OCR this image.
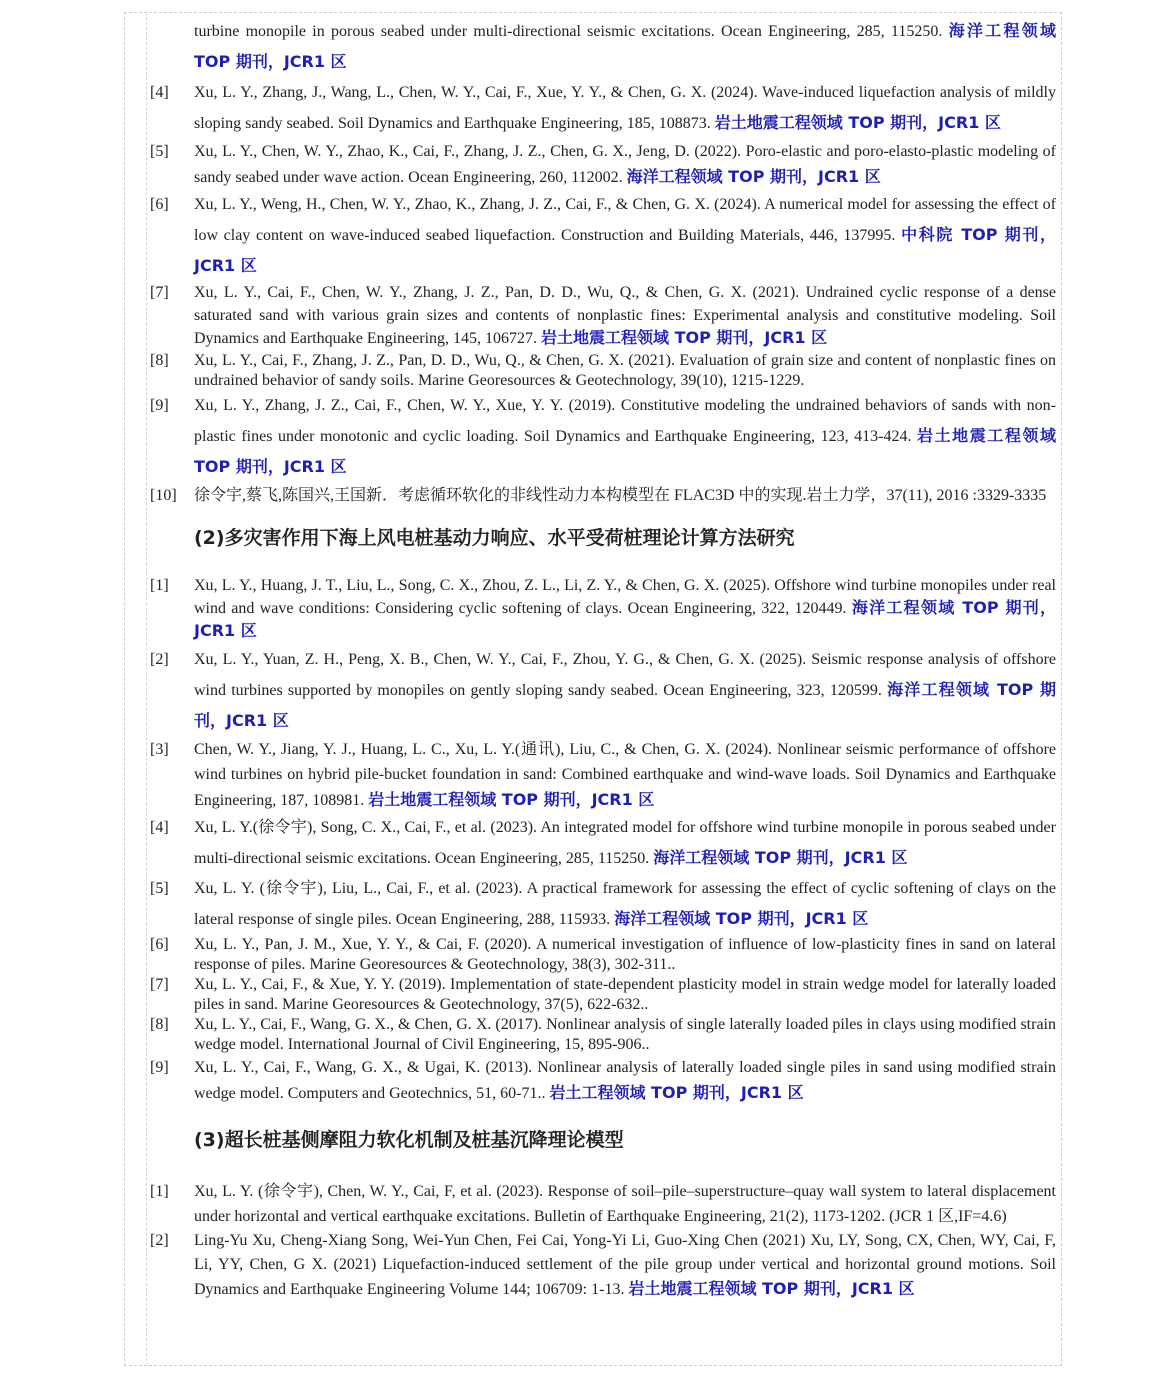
turbine monopile in porous seabed under multi-directional seismic excitations. Ocean Engineering, 285, 115250. 海洋工程领域 TOP 期刊，JCR1 区
[4]	Xu, L. Y., Zhang, J., Wang, L., Chen, W. Y., Cai, F., Xue, Y. Y., & Chen, G. X. (2024). Wave-induced liquefaction analysis of mildly sloping sandy seabed. Soil Dynamics and Earthquake Engineering, 185, 108873. 岩土地震工程领域 TOP 期刊，JCR1 区
[5]	Xu, L. Y., Chen, W. Y., Zhao, K., Cai, F., Zhang, J. Z., Chen, G. X., Jeng, D. (2022). Poro-elastic and poro-elasto-plastic modeling of sandy seabed under wave action. Ocean Engineering, 260, 112002. 海洋工程领域 TOP 期刊，JCR1 区
[6]	Xu, L. Y., Weng, H., Chen, W. Y., Zhao, K., Zhang, J. Z., Cai, F., & Chen, G. X. (2024). A numerical model for assessing the effect of low clay content on wave-induced seabed liquefaction. Construction and Building Materials, 446, 137995. 中科院 TOP 期刊，JCR1 区
[7]	Xu, L. Y., Cai, F., Chen, W. Y., Zhang, J. Z., Pan, D. D., Wu, Q., & Chen, G. X. (2021). Undrained cyclic response of a dense saturated sand with various grain sizes and contents of nonplastic fines: Experimental analysis and constitutive modeling. Soil Dynamics and Earthquake Engineering, 145, 106727. 岩土地震工程领域 TOP 期刊，JCR1 区
[8]	Xu, L. Y., Cai, F., Zhang, J. Z., Pan, D. D., Wu, Q., & Chen, G. X. (2021). Evaluation of grain size and content of nonplastic fines on undrained behavior of sandy soils. Marine Georesources & Geotechnology, 39(10), 1215-1229.
[9]	Xu, L. Y., Zhang, J. Z., Cai, F., Chen, W. Y., Xue, Y. Y. (2019). Constitutive modeling the undrained behaviors of sands with non-plastic fines under monotonic and cyclic loading. Soil Dynamics and Earthquake Engineering, 123, 413-424. 岩土地震工程领域 TOP 期刊，JCR1 区
[10]	徐令宇,蔡飞,陈国兴,王国新．考虑循环软化的非线性动力本构模型在 FLAC3D 中的实现.岩土力学，37(11), 2016 :3329-3335
(2)多灾害作用下海上风电桩基动力响应、水平受荷桩理论计算方法研究
[1]	Xu, L. Y., Huang, J. T., Liu, L., Song, C. X., Zhou, Z. L., Li, Z. Y., & Chen, G. X. (2025). Offshore wind turbine monopiles under real wind and wave conditions: Considering cyclic softening of clays. Ocean Engineering, 322, 120449. 海洋工程领域 TOP 期刊，JCR1 区
[2]	Xu, L. Y., Yuan, Z. H., Peng, X. B., Chen, W. Y., Cai, F., Zhou, Y. G., & Chen, G. X. (2025). Seismic response analysis of offshore wind turbines supported by monopiles on gently sloping sandy seabed. Ocean Engineering, 323, 120599. 海洋工程领域 TOP 期刊，JCR1 区
[3]	Chen, W. Y., Jiang, Y. J., Huang, L. C., Xu, L. Y.(通讯), Liu, C., & Chen, G. X. (2024). Nonlinear seismic performance of offshore wind turbines on hybrid pile-bucket foundation in sand: Combined earthquake and wind-wave loads. Soil Dynamics and Earthquake Engineering, 187, 108981. 岩土地震工程领域 TOP 期刊，JCR1 区
[4]	Xu, L. Y.(徐令宇), Song, C. X., Cai, F., et al. (2023). An integrated model for offshore wind turbine monopile in porous seabed under multi-directional seismic excitations. Ocean Engineering, 285, 115250. 海洋工程领域 TOP 期刊，JCR1 区
[5]	Xu, L. Y. (徐令宇), Liu, L., Cai, F., et al. (2023). A practical framework for assessing the effect of cyclic softening of clays on the lateral response of single piles. Ocean Engineering, 288, 115933. 海洋工程领域 TOP 期刊，JCR1 区
[6]	Xu, L. Y., Pan, J. M., Xue, Y. Y., & Cai, F. (2020). A numerical investigation of influence of low-plasticity fines in sand on lateral response of piles. Marine Georesources & Geotechnology, 38(3), 302-311..
[7]	Xu, L. Y., Cai, F., & Xue, Y. Y. (2019). Implementation of state-dependent plasticity model in strain wedge model for laterally loaded piles in sand. Marine Georesources & Geotechnology, 37(5), 622-632..
[8]	Xu, L. Y., Cai, F., Wang, G. X., & Chen, G. X. (2017). Nonlinear analysis of single laterally loaded piles in clays using modified strain wedge model. International Journal of Civil Engineering, 15, 895-906..
[9]	Xu, L. Y., Cai, F., Wang, G. X., & Ugai, K. (2013). Nonlinear analysis of laterally loaded single piles in sand using modified strain wedge model. Computers and Geotechnics, 51, 60-71.. 岩土工程领域 TOP 期刊，JCR1 区
(3)超长桩基侧摩阻力软化机制及桩基沉降理论模型
[1]	Xu, L. Y. (徐令宇), Chen, W. Y., Cai, F, et al. (2023). Response of soil–pile–superstructure–quay wall system to lateral displacement under horizontal and vertical earthquake excitations. Bulletin of Earthquake Engineering, 21(2), 1173-1202. (JCR 1 区,IF=4.6)
[2]	Ling-Yu Xu, Cheng-Xiang Song, Wei-Yun Chen, Fei Cai, Yong-Yi Li, Guo-Xing Chen (2021) Xu, LY, Song, CX, Chen, WY, Cai, F, Li, YY, Chen, G X. (2021) Liquefaction-induced settlement of the pile group under vertical and horizontal ground motions. Soil Dynamics and Earthquake Engineering Volume 144; 106709: 1-13. 岩土地震工程领域 TOP 期刊，JCR1 区
